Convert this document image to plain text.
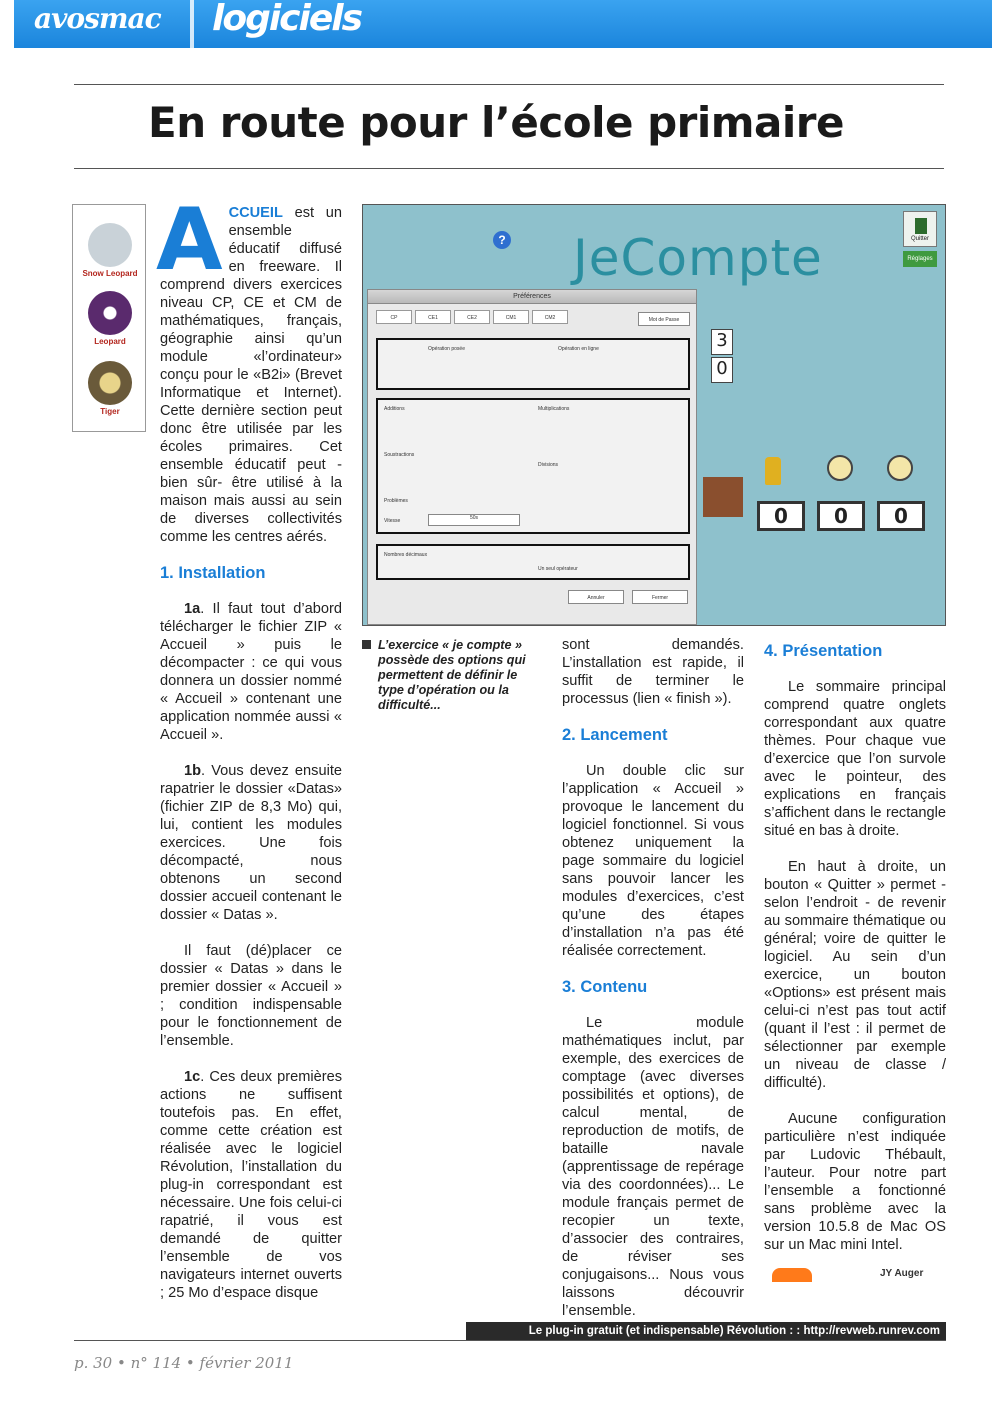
avosmac logiciels
En route pour l’école primaire
Snow Leopard
Leopard
Tiger

ACCUEIL est un ensemble éducatif diffusé en freeware. Il comprend divers exercices niveau CP, CE et CM de mathématiques, français, géographie ainsi qu’un module «l’ordinateur» conçu pour le «B2i» (Brevet Informatique et Internet). Cette dernière section peut donc être utilisée par les écoles primaires. Cet ensemble éducatif peut -bien sûr- être utilisé à la maison mais aussi au sein de diverses collectivités comme les centres aérés.

1. Installation

1a. Il faut tout d’abord télécharger le fichier ZIP « Accueil » puis le décompacter : ce qui vous donnera un dossier nommé « Accueil » contenant une application nommée aussi « Accueil ».

1b. Vous devez ensuite rapatrier le dossier «Datas» (fichier ZIP de 8,3 Mo) qui, lui, contient les modules exercices. Une fois décompacté, nous obtenons un second dossier accueil contenant le dossier « Datas ».

Il faut (dé)placer ce dossier « Datas » dans le premier dossier « Accueil » ; condition indispensable pour le fonctionnement de l’ensemble.

1c. Ces deux premières actions ne suffisent toutefois pas. En effet, comme cette création est réalisée avec le logiciel Révolution, l’installation du plug-in correspondant est nécessaire. Une fois celui-ci rapatrié, il vous est demandé de quitter l’ensemble de vos navigateurs internet ouverts ; 25 Mo d’espace disque

? JeCompte	Quitter
Réglages
Préférences
CP	CE1	CE2	CM1	CM2	Mot de Passe
Opération posée	Opération en ligne
Additions
Soustractions
Problèmes
Multiplications
Divisions
Vitesse	50s
Nombres décimaux
Un seul opérateur
Annuler	Fermer
3
0
0	0	0
L’exercice « je compte » possède des options qui permettent de définir le type d’opération ou la difficulté...

sont demandés. L’installation est rapide, il suffit de terminer le processus (lien « finish »).

2. Lancement

Un double clic sur l’application « Accueil » provoque le lancement du logiciel fonctionnel. Si vous obtenez uniquement la page sommaire du logiciel sans pouvoir lancer les modules d’exercices, c’est qu’une des étapes d’installation n’a pas été réalisée correctement.

3. Contenu

Le module mathématiques inclut, par exemple, des exercices de comptage (avec diverses possibilités et options), de calcul mental, de reproduction de motifs, de bataille navale (apprentissage de repérage via des coordonnées)... Le module français permet de recopier un texte, d’associer des contraires, de réviser ses conjugaisons... Nous vous laissons découvrir l’ensemble.

4. Présentation

Le sommaire principal comprend quatre onglets correspondant aux quatre thèmes. Pour chaque vue d’exercice que l’on survole avec le pointeur, des explications en français s’affichent dans le rectangle situé en bas à droite.

En haut à droite, un bouton « Quitter » permet - selon l’endroit - de revenir au sommaire thématique ou général; voire de quitter le logiciel. Au sein d’un exercice, un bouton «Options» est présent mais celui-ci n’est pas tout actif (quant il l’est : il permet de sélectionner par exemple un niveau de classe / difficulté).

Aucune configuration particulière n’est indiquée par Ludovic Thébault, l’auteur. Pour notre part l’ensemble a fonctionné sans problème avec la version 10.5.8 de Mac OS sur un Mac mini Intel.

JY Auger
Le plug-in gratuit (et indispensable) Révolution : : http://revweb.runrev.com
p. 30 • n° 114 • février 2011
